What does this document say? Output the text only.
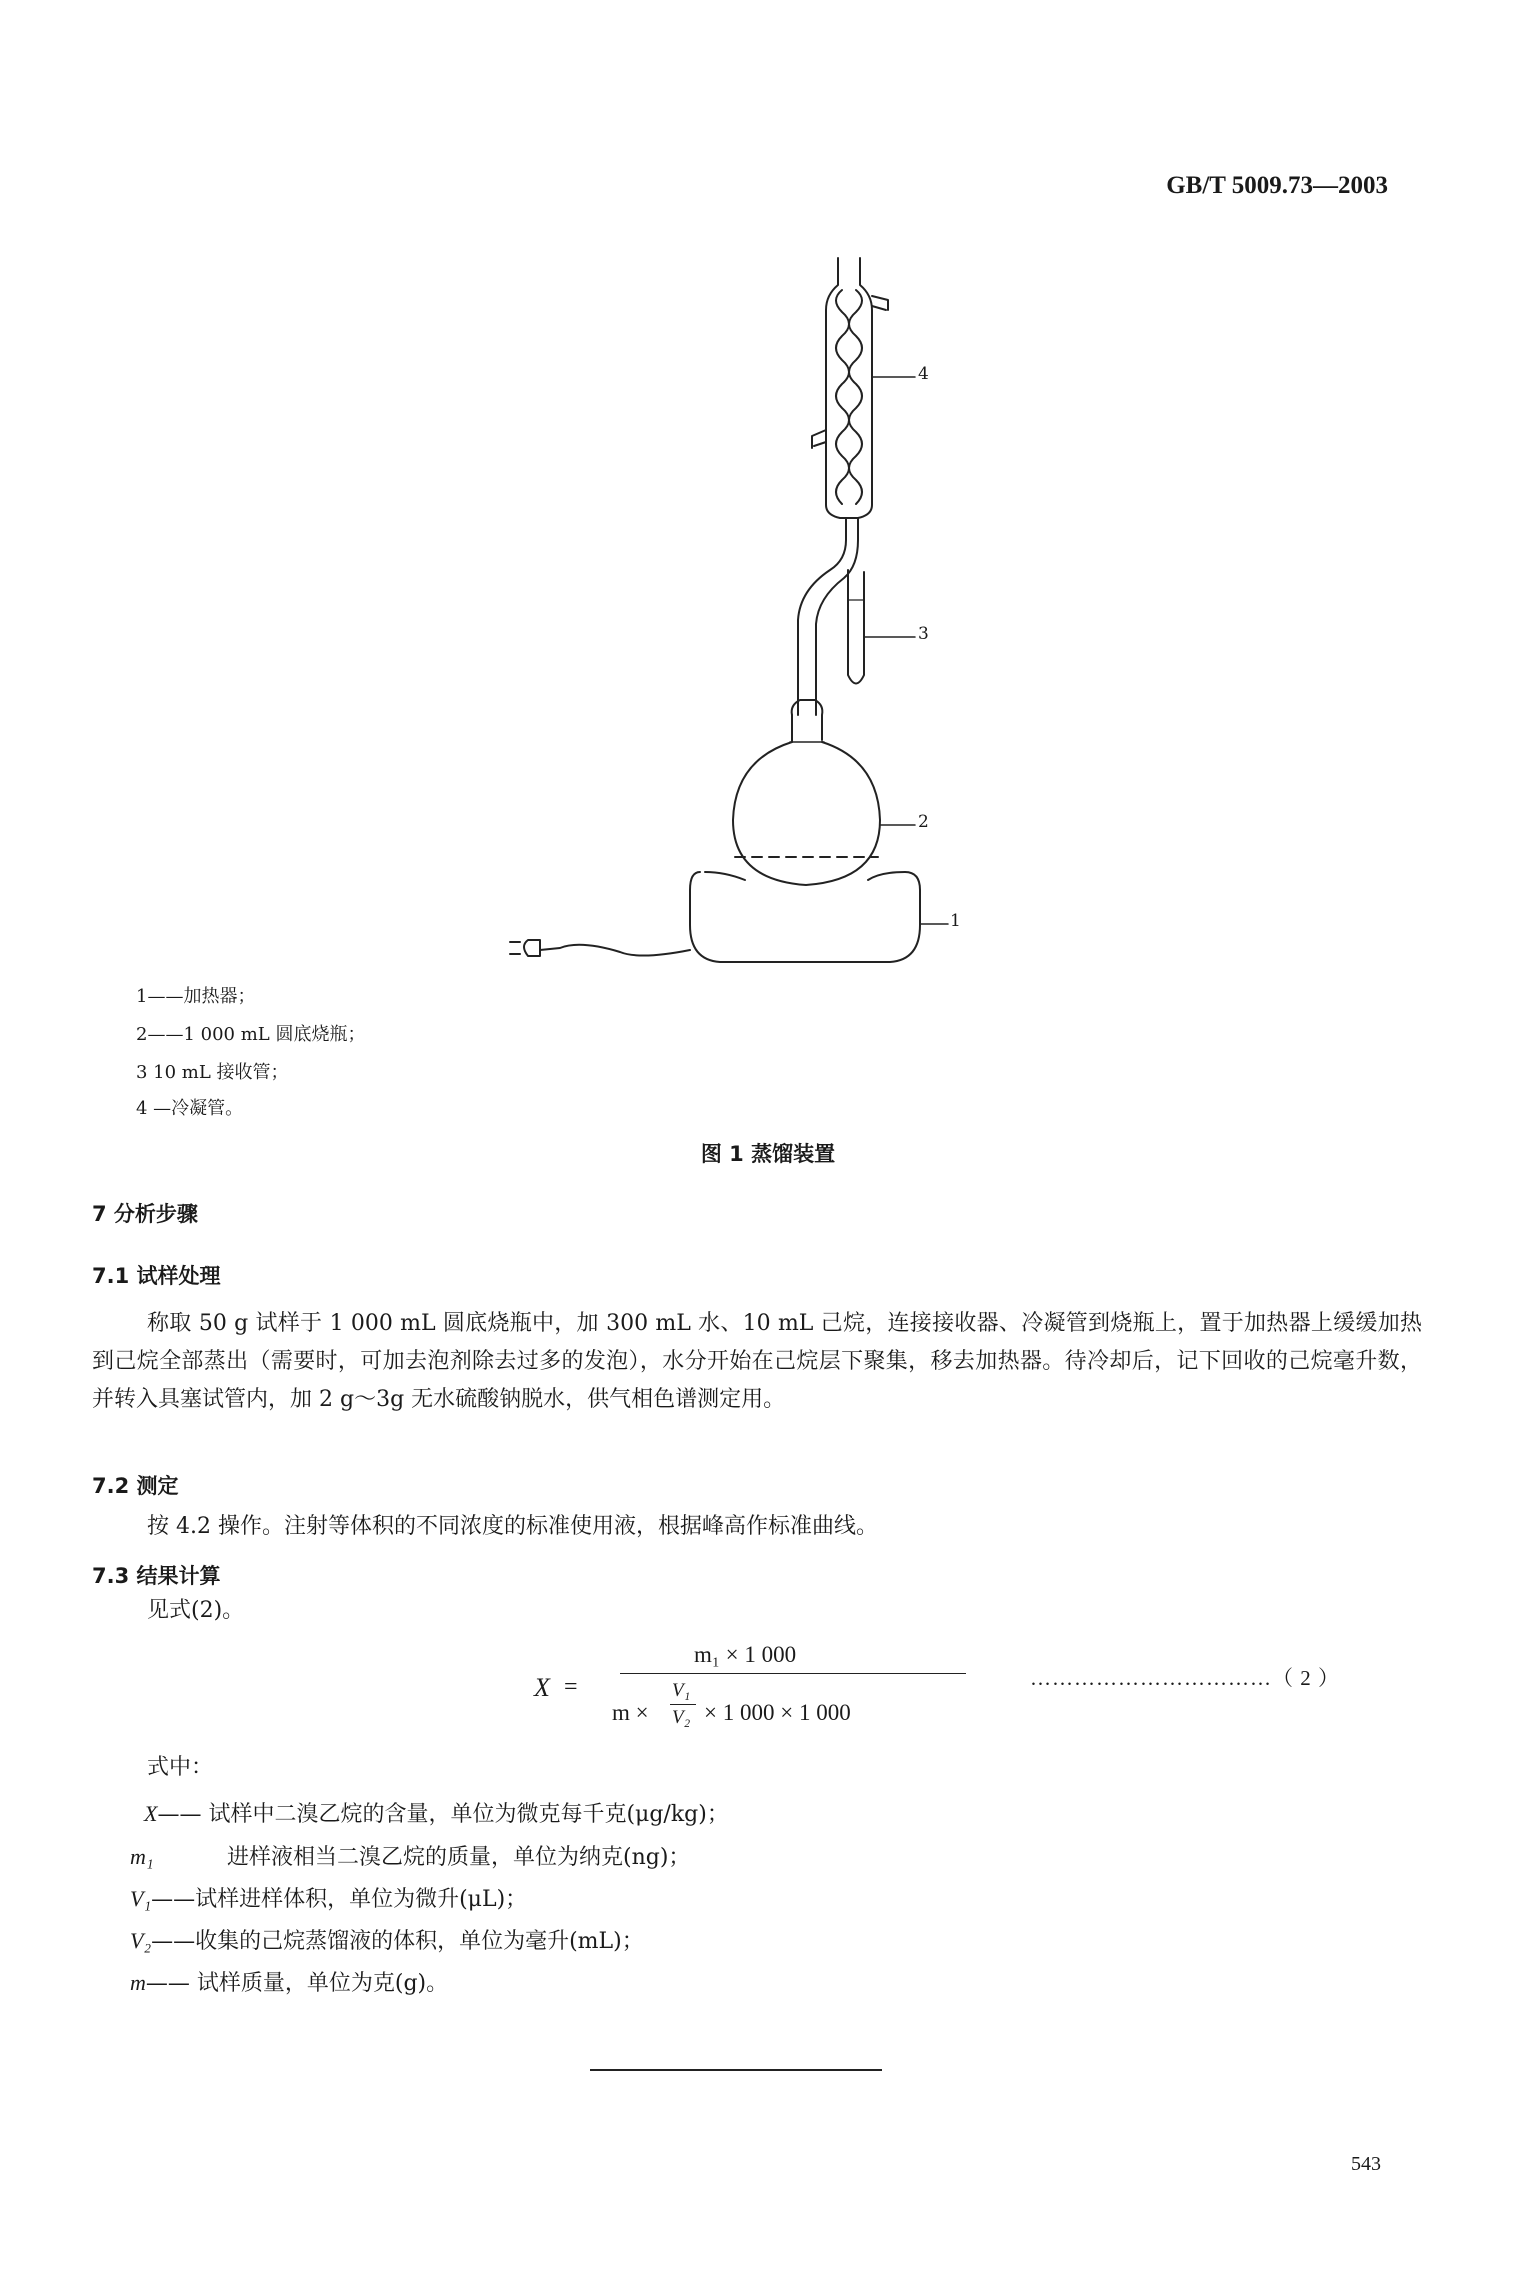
GB/T 5009.73—2003
4
3
2
1
1——加热器；
2——1 000 mL 圆底烧瓶；
3 10 mL 接收管；
4 —冷凝管。
图 1 蒸馏装置
7 分析步骤
7.1 试样处理
称取 50 g 试样于 1 000 mL 圆底烧瓶中，加 300 mL 水、10 mL 己烷，连接接收器、冷凝管到烧瓶上，置于加热器上缓缓加热到己烷全部蒸出（需要时，可加去泡剂除去过多的发泡），水分开始在己烷层下聚集，移去加热器。待冷却后，记下回收的己烷毫升数，并转入具塞试管内，加 2 g～3g 无水硫酸钠脱水，供气相色谱测定用。
7.2 测定
按 4.2 操作。注射等体积的不同浓度的标准使用液，根据峰高作标准曲线。
7.3 结果计算
见式(2)。
X =
m₁ × 1 000
m ×
V₁
V₂ × 1 000 × 1 000
……………………………（ 2 ）
式中：
X—— 试样中二溴乙烷的含量，单位为微克每千克(μg/kg)；
m₁	进样液相当二溴乙烷的质量，单位为纳克(ng)；
V₁——试样进样体积，单位为微升(μL)；
V₂——收集的己烷蒸馏液的体积，单位为毫升(mL)；
m—— 试样质量，单位为克(g)。
543
